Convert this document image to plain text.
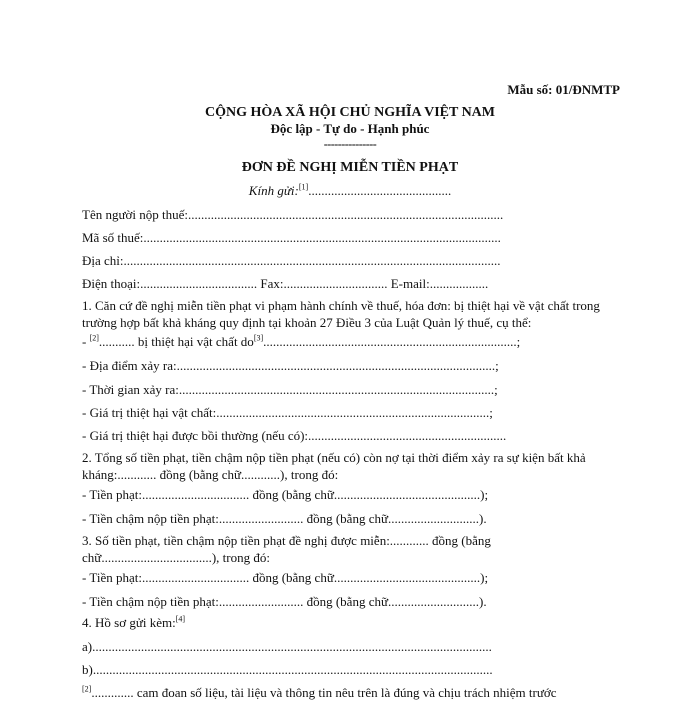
Mẫu số: 01/ĐNMTP
CỘNG HÒA XÃ HỘI CHỦ NGHĨA VIỆT NAM
Độc lập - Tự do - Hạnh phúc
---------------
ĐƠN ĐỀ NGHỊ MIỄN TIỀN PHẠT
Kính gửi:[1]............................................
Tên người nộp thuế:.................................................................................................
Mã số thuế:..............................................................................................................
Địa chỉ:....................................................................................................................
Điện thoại:.................................... Fax:................................ E-mail:..................
1. Căn cứ đề nghị miễn tiền phạt vi phạm hành chính về thuế, hóa đơn: bị thiệt hại về vật chất trong trường hợp bất khả kháng quy định tại khoản 27 Điều 3 của Luật Quản lý thuế, cụ thể:
- [2]........... bị thiệt hại vật chất do[3]..............................................................................;
- Địa điểm xảy ra:..................................................................................................;
- Thời gian xảy ra:.................................................................................................;
- Giá trị thiệt hại vật chất:....................................................................................;
- Giá trị thiệt hại được bồi thường (nếu có):.............................................................
2. Tổng số tiền phạt, tiền chậm nộp tiền phạt (nếu có) còn nợ tại thời điểm xảy ra sự kiện bất khả kháng:............ đồng (bằng chữ............), trong đó:
- Tiền phạt:................................. đồng (bằng chữ.............................................);
- Tiền chậm nộp tiền phạt:.......................... đồng (bằng chữ............................).
3. Số tiền phạt, tiền chậm nộp tiền phạt đề nghị được miễn:............ đồng (bằng chữ..................................), trong đó:
- Tiền phạt:................................. đồng (bằng chữ.............................................);
- Tiền chậm nộp tiền phạt:.......................... đồng (bằng chữ............................).
4. Hồ sơ gửi kèm:[4]
a)...........................................................................................................................
b)...........................................................................................................................
[2]............. cam đoan số liệu, tài liệu và thông tin nêu trên là đúng và chịu trách nhiệm trước
